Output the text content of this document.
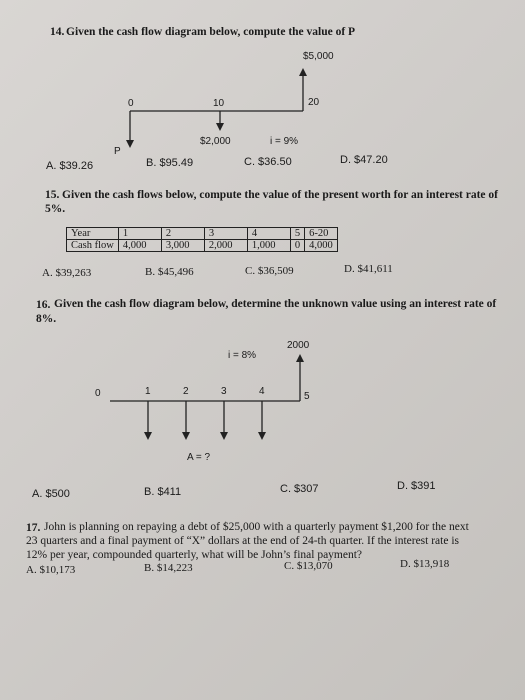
14. Given the cash flow diagram below, compute the value of P
$5,000
0	10	20
$2,000	i = 9%
P
A. $39.26	B. $95.49	C. $36.50	D. $47.20
15. Given the cash flows below, compute the value of the present worth for an interest rate of
5%.
Year	1	2	3	4	5	6-20
Cash flow	4,000	3,000	2,000	1,000	0	4,000
A. $39,263	B. $45,496	C. $36,509	D. $41,611
16. Given the cash flow diagram below, determine the unknown value using an interest rate of
8%.
2000
i = 8%
0	1	2	3	4	5
A = ?
A. $500	B. $411	C. $307	D. $391
17. John is planning on repaying a debt of $25,000 with a quarterly payment $1,200 for the next
23 quarters and a final payment of “X” dollars at the end of 24-th quarter. If the interest rate is
12% per year, compounded quarterly, what will be John’s final payment?
A. $10,173	B. $14,223	C. $13,070	D. $13,918
